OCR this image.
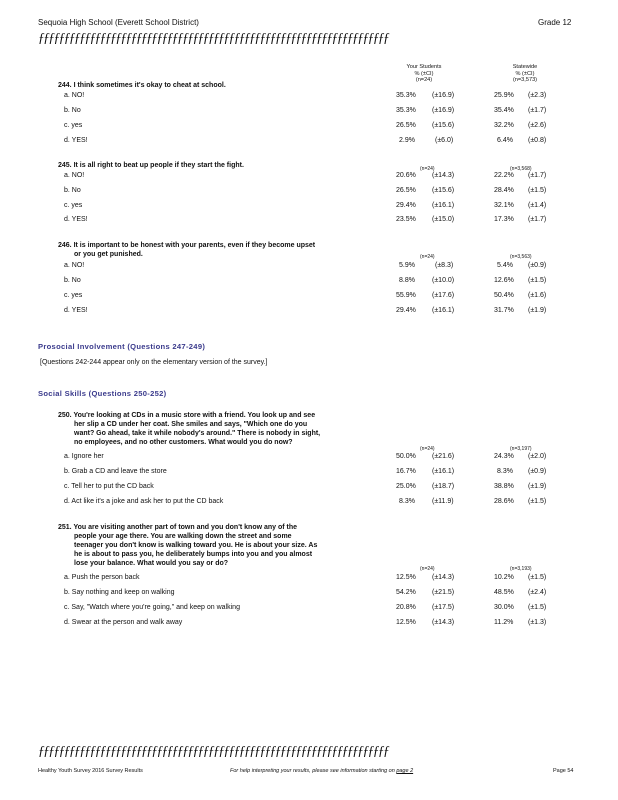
Sequoia High School (Everett School District)	Grade 12
ƒƒƒƒƒƒƒƒƒƒƒƒƒƒƒƒƒƒƒƒƒƒƒƒƒƒƒƒƒƒƒƒƒƒƒƒƒƒƒƒƒƒƒƒƒƒƒƒƒƒƒƒƒƒƒƒƒƒƒƒƒƒƒƒƒƒƒƒ
Your Students
% (±CI)
(n=24)
Statewide
% (±CI)
(n=3,573)
244. I think sometimes it's okay to cheat at school.
a. NO!	35.3% (±16.9)	25.9% (±2.3)
b. No	35.3% (±16.9)	35.4% (±1.7)
c. yes	26.5% (±15.6)	32.2% (±2.6)
d. YES!	2.9%	(±6.0)	6.4% (±0.8)
245. It is all right to beat up people if they start the fight.	(n=24)	(n=3,568)
a. NO!	20.6% (±14.3)	22.2% (±1.7)
b. No	26.5% (±15.6)	28.4% (±1.5)
c. yes	29.4% (±16.1)	32.1% (±1.4)
d. YES!	23.5% (±15.0)	17.3% (±1.7)
246. It is important to be honest with your parents, even if they become upset
or you get punished.	(n=24)	(n=3,563)
a. NO!	5.9%	(±8.3)	5.4% (±0.9)
b. No	8.8% (±10.0)	12.6% (±1.5)
c. yes	55.9% (±17.6)	50.4% (±1.6)
d. YES!	29.4% (±16.1)	31.7% (±1.9)
Prosocial Involvement (Questions 247-249)
[Questions 242-244 appear only on the elementary version of the survey.]
Social Skills (Questions 250-252)
250. You're looking at CDs in a music store with a friend. You look up and see
her slip a CD under her coat. She smiles and says, "Which one do you
want? Go ahead, take it while nobody's around." There is nobody in sight,
no employees, and no other customers. What would you do now?
(n=24)	(n=3,197)
a. Ignore her	50.0% (±21.6)	24.3% (±2.0)
b. Grab a CD and leave the store	16.7% (±16.1)	8.3% (±0.9)
c. Tell her to put the CD back	25.0% (±18.7)	38.8% (±1.9)
d. Act like it's a joke and ask her to put the CD back	8.3% (±11.9)	28.6% (±1.5)
251. You are visiting another part of town and you don't know any of the
people your age there. You are walking down the street and some
teenager you don't know is walking toward you. He is about your size. As
he is about to pass you, he deliberately bumps into you and you almost
lose your balance. What would you say or do?
(n=24)	(n=3,193)
a. Push the person back	12.5% (±14.3)	10.2% (±1.5)
b. Say nothing and keep on walking	54.2% (±21.5)	48.5% (±2.4)
c. Say, "Watch where you're going," and keep on walking	20.8% (±17.5)	30.0% (±1.5)
d. Swear at the person and walk away	12.5% (±14.3)	11.2% (±1.3)
ƒƒƒƒƒƒƒƒƒƒƒƒƒƒƒƒƒƒƒƒƒƒƒƒƒƒƒƒƒƒƒƒƒƒƒƒƒƒƒƒƒƒƒƒƒƒƒƒƒƒƒƒƒƒƒƒƒƒƒƒƒƒƒƒƒƒƒƒ
Healthy Youth Survey 2016 Survey Results	For help interpreting your results, please see information starting on page 2	Page 54
